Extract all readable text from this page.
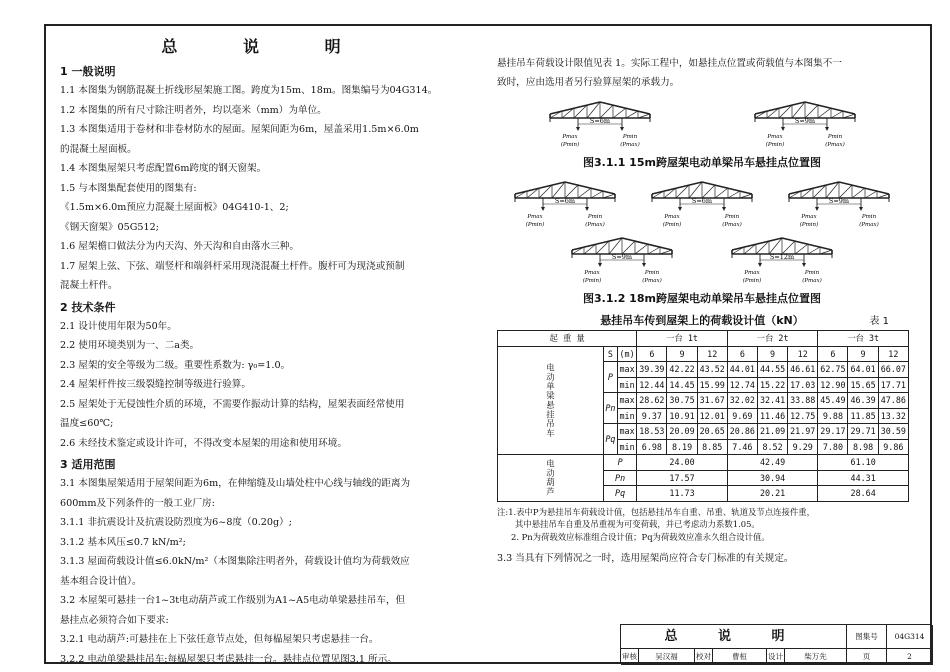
总 说 明
1 一般说明

1.1 本图集为钢筋混凝土折线形屋架施工图。跨度为15m、18m。图集编号为04G314。

1.2 本图集的所有尺寸除注明者外，均以毫米（mm）为单位。

1.3 本图集适用于卷材和非卷材防水的屋面。屋架间距为6m，屋盖采用1.5m×6.0m

的混凝土屋面板。

1.4 本图集屋架只考虑配置6m跨度的钢天窗架。

1.5 与本图集配套使用的图集有:

《1.5m×6.0m预应力混凝土屋面板》04G410-1、2;

《钢天窗架》05G512;

1.6 屋架檐口做法分为内天沟、外天沟和自由落水三种。

1.7 屋架上弦、下弦、端竖杆和端斜杆采用现浇混凝土杆件。腹杆可为现浇或预制

混凝土杆件。

2 技术条件

2.1 设计使用年限为50年。

2.2 使用环境类别为一、二a类。

2.3 屋架的安全等级为二级。重要性系数为: γ₀=1.0。

2.4 屋架杆件按三级裂缝控制等级进行验算。

2.5 屋架处于无侵蚀性介质的环境，不需要作振动计算的结构，屋架表面经常使用

温度≤60℃;

2.6 未经技术鉴定或设计许可，不得改变本屋架的用途和使用环境。

3 适用范围

3.1 本图集屋架适用于屋架间距为6m，在伸缩缝及山墙处柱中心线与轴线的距离为

600mm及下列条件的一般工业厂房:

3.1.1 非抗震设计及抗震设防烈度为6~8度（0.20g）;

3.1.2 基本风压≤0.7 kN/m²;

3.1.3 屋面荷载设计值≤6.0kN/m²（本图集除注明者外，荷载设计值均为荷载效应

基本组合设计值）。

3.2 本屋架可悬挂一台1~3t电动葫芦或工作级别为A1~A5电动单梁悬挂吊车，但

悬挂点必须符合如下要求:

3.2.1 电动葫芦:可悬挂在上下弦任意节点处，但每榀屋架只考虑悬挂一台。

3.2.2 电动单梁悬挂吊车:每榀屋架只考虑悬挂一台。悬挂点位置见图3.1 所示。

悬挂吊车荷载设计限值见表 1。实际工程中，如悬挂点位置或荷载值与本图集不一

致时，应由选用者另行验算屋架的承载力。

S=6m
Pmax
(Pmin)
Pmin
(Pmax)
S=9m
Pmax
(Pmin)
Pmin
(Pmax)
图3.1.1 15m跨屋架电动单梁吊车悬挂点位置图
S=6m
Pmax
(Pmin)
Pmin
(Pmax)
S=6m
Pmax
(Pmin)
Pmin
(Pmax)
S=9m
Pmax
(Pmin)
Pmin
(Pmax)
S=9m
Pmax
(Pmin)
Pmin
(Pmax)
S=12m
Pmax
(Pmin)
Pmin
(Pmax)
图3.1.2 18m跨屋架电动单梁吊车悬挂点位置图
悬挂吊车传到屋架上的荷载设计值（kN）	表 1
起 重 量			一台 1t			一台 2t			一台 3t		
电动单梁悬挂吊车	S	(m)	6	9	12	6	9	12	6	9	12
	P	max	39.39	42.22	43.52	44.01	44.55	46.61	62.75	64.01	66.07
		min	12.44	14.45	15.99	12.74	15.22	17.03	12.90	15.65	17.71
	Pn	max	28.62	30.75	31.67	32.02	32.41	33.88	45.49	46.39	47.86
		min	9.37	10.91	12.01	9.69	11.46	12.75	9.88	11.85	13.32
	Pq	max	18.53	20.09	20.65	20.86	21.09	21.97	29.17	29.71	30.59
		min	6.98	8.19	8.85	7.46	8.52	9.29	7.80	8.98	9.86
电动葫芦	P		24.00			42.49			61.10		
	Pn		17.57			30.94			44.31		
	Pq		11.73			20.21			28.64		

注:1.表中P为悬挂吊车荷载设计值，包括悬挂吊车自重、吊重、轨道及节点连接件重，

其中悬挂吊车自重及吊重视为可变荷载，并已考虑动力系数1.05。

2. Pn为荷载效应标准组合设计值；Pq为荷载效应准永久组合设计值。

3.3 当具有下列情况之一时，选用屋架尚应符合专门标准的有关规定。

总 说 明	图集号	04G314
审核	吴汉福	校对	曹桓	设计	柴万先	页	2
